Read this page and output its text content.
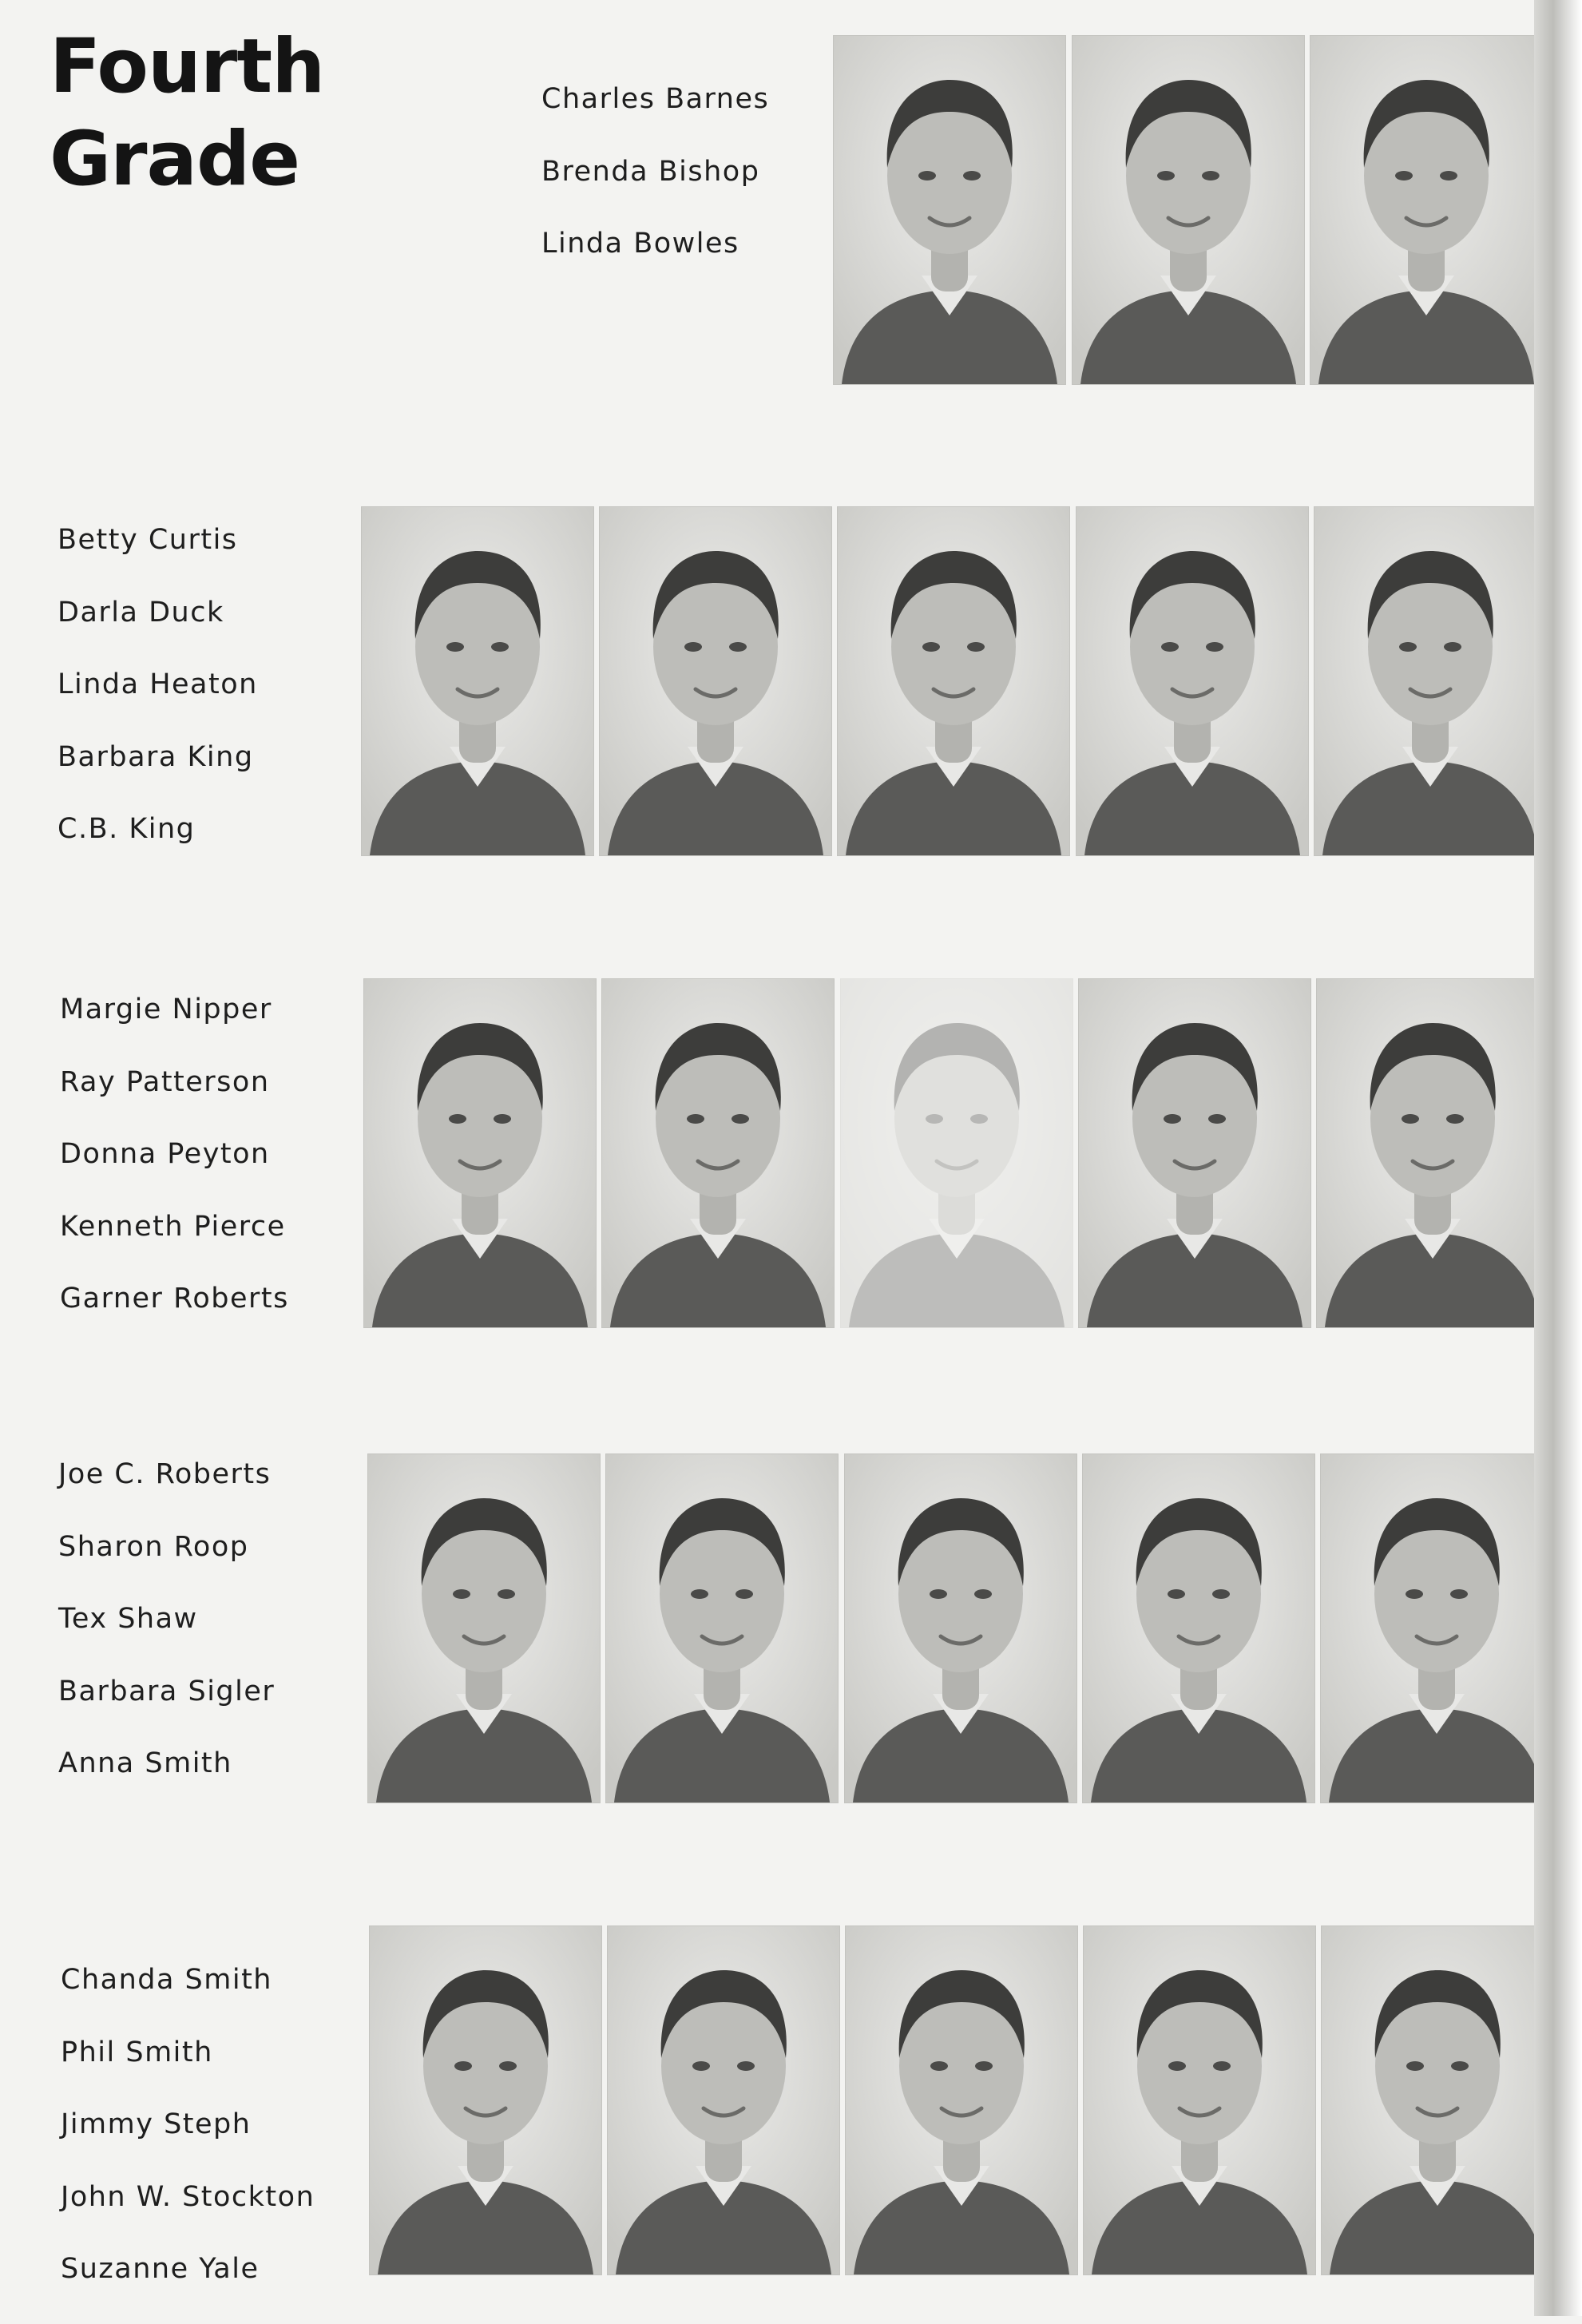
Fourth
Grade
Charles Barnes
Brenda Bishop
Linda Bowles
Betty Curtis
Darla Duck
Linda Heaton
Barbara King
C.B. King
Margie Nipper
Ray Patterson
Donna Peyton
Kenneth Pierce
Garner Roberts
Joe C. Roberts
Sharon Roop
Tex Shaw
Barbara Sigler
Anna Smith
Chanda Smith
Phil Smith
Jimmy Steph
John W. Stockton
Suzanne Yale
